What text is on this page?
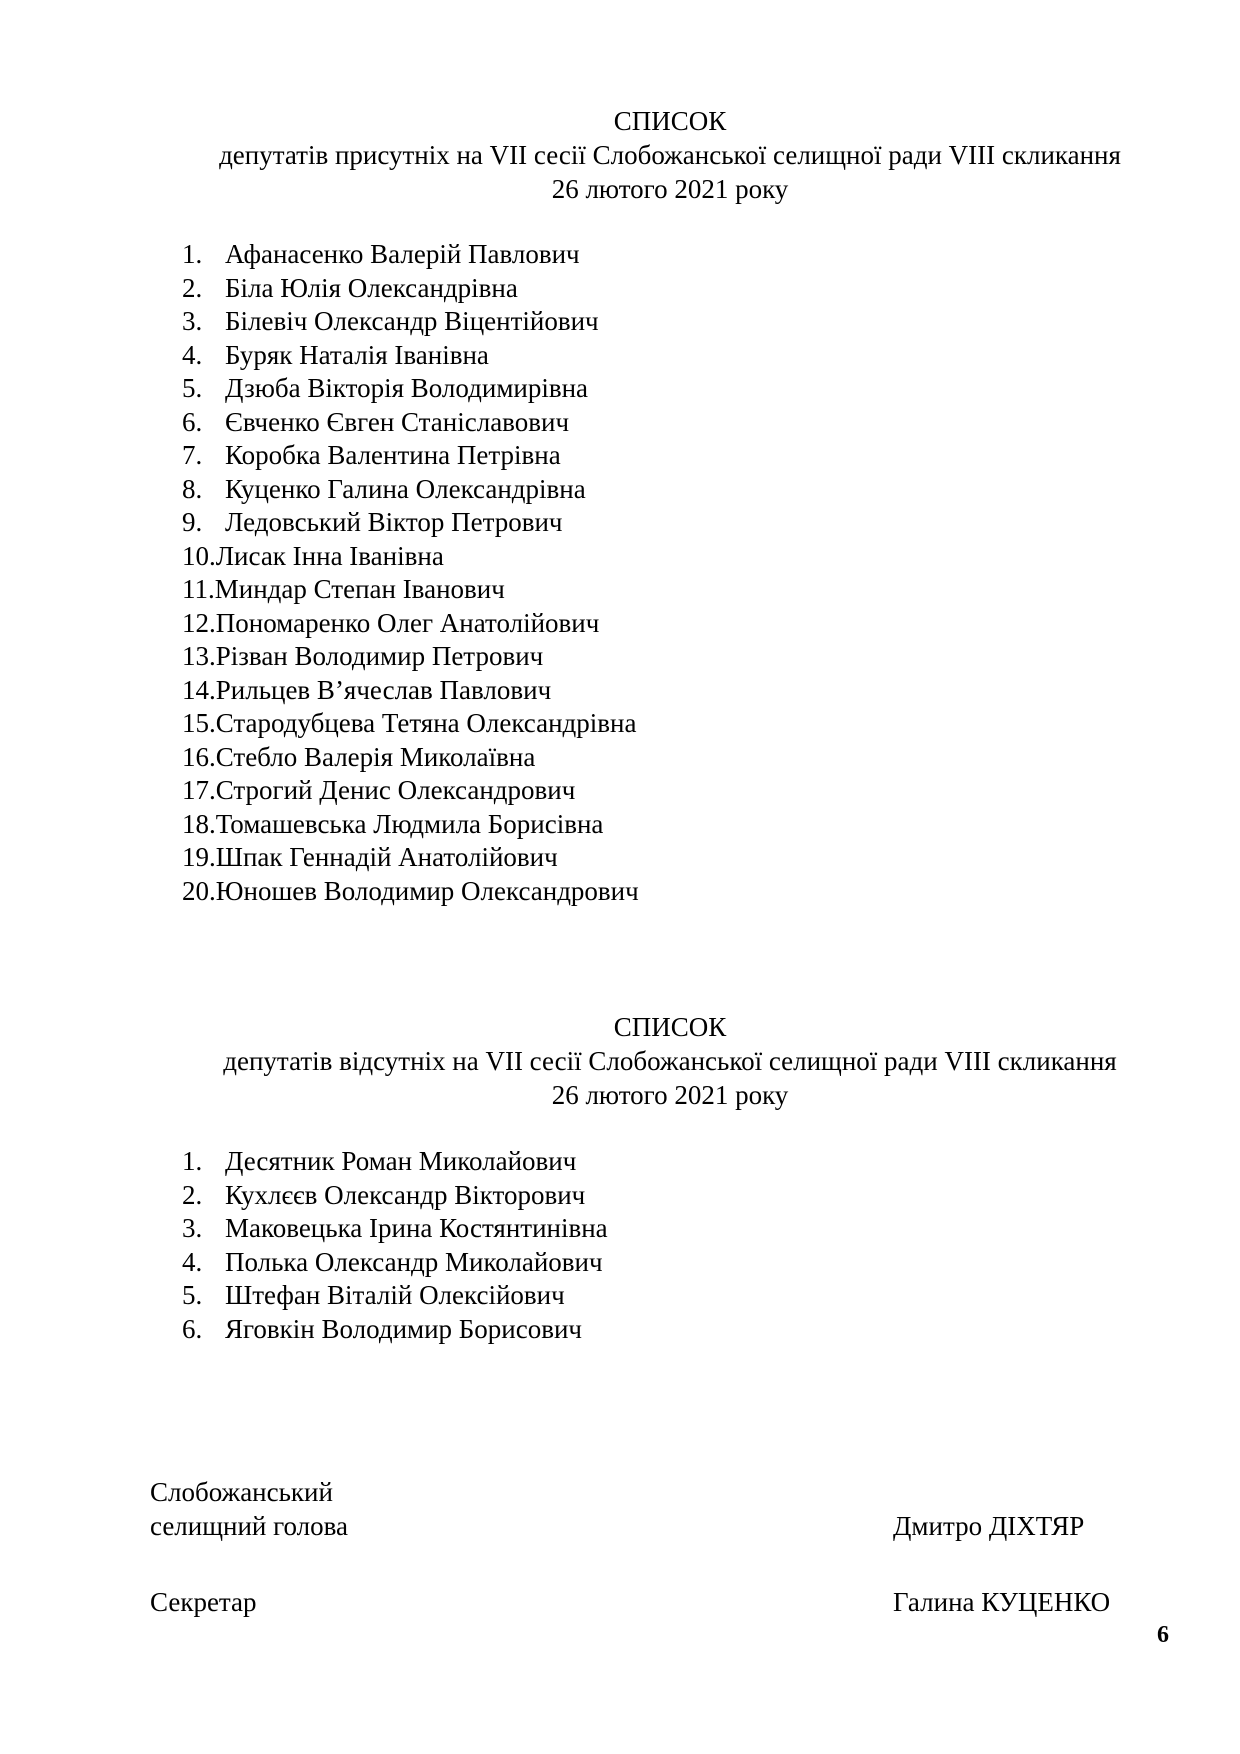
СПИСОК
депутатів присутніх на VІІ сесії Слобожанської селищної ради VІІІ скликання
26 лютого 2021 року
1. Афанасенко Валерій Павлович
2. Біла Юлія Олександрівна
3. Білевіч Олександр Віцентійович
4. Буряк Наталія Іванівна
5. Дзюба Вікторія Володимирівна
6. Євченко Євген Станіславович
7. Коробка Валентина Петрівна
8. Куценко Галина Олександрівна
9. Ледовський Віктор Петрович
10. Лисак Інна Іванівна
11. Миндар Степан Іванович
12. Пономаренко Олег Анатолійович
13. Різван Володимир Петрович
14. Рильцев В’ячеслав Павлович
15. Стародубцева Тетяна Олександрівна
16. Стебло Валерія Миколаївна
17. Строгий Денис Олександрович
18. Томашевська Людмила Борисівна
19. Шпак Геннадій Анатолійович
20. Юношев Володимир Олександрович
СПИСОК
депутатів відсутніх на VІІ сесії Слобожанської селищної ради VІІІ скликання
26 лютого 2021 року
1. Десятник Роман Миколайович
2. Кухлєєв Олександр Вікторович
3. Маковецька Ірина Костянтинівна
4. Полька Олександр Миколайович
5. Штефан Віталій Олексійович
6. Яговкін Володимир Борисович
Слобожанський
селищний голова	Дмитро ДІХТЯР
Секретар	Галина КУЦЕНКО
6
